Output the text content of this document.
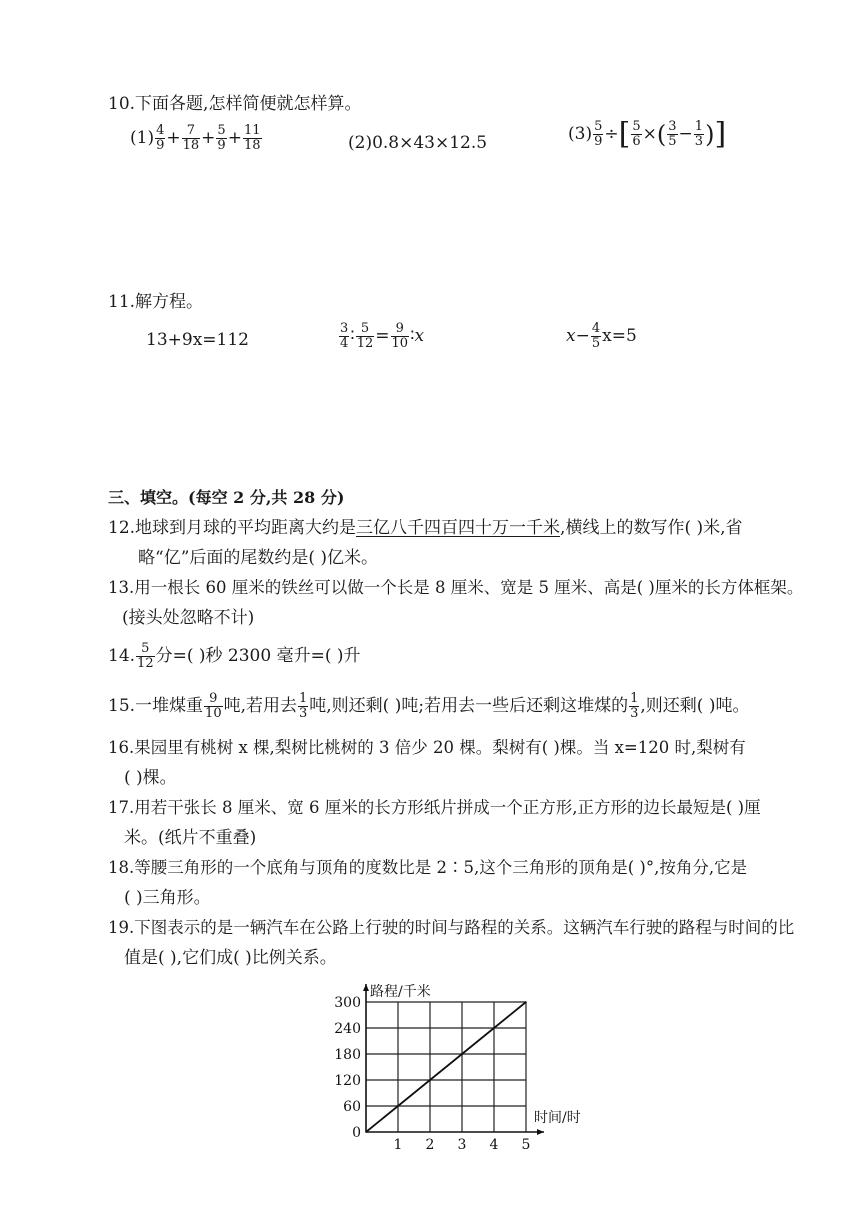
10.下面各题,怎样简便就怎样算。
$(1) \frac{4}{9} + \frac{7}{18} + \frac{5}{9} + \frac{11}{18}$	(2)0.8×43×12.5	$(3) \frac{5}{9}$ ÷[ $\frac{5}{6}$ ×( $\frac{3}{5} - \frac{1}{3}$ )]
11.解方程。
13+9x=112	$\frac{3}{4}$ ∶ $\frac{5}{12} = \frac{9}{10}$ ∶x	$x- \frac{4}{5} x=5$
三、填空。(每空 2 分,共 28 分)
12.地球到月球的平均距离大约是三亿八千四百四十万一千米,横线上的数写作( )米,省
略“亿”后面的尾数约是( )亿米。
13.用一根长 60 厘米的铁丝可以做一个长是 8 厘米、宽是 5 厘米、高是( )厘米的长方体框架。
(接头处忽略不计)
14. $\frac{5}{12}$ 分=( )秒 2300 毫升=( )升
15.一堆煤重 $\frac{9}{10}$ 吨,若用去 $\frac{1}{3}$ 吨,则还剩( )吨;若用去一些后还剩这堆煤的 $\frac{1}{3}$ ,则还剩( )吨。
16.果园里有桃树 x 棵,梨树比桃树的 3 倍少 20 棵。梨树有( )棵。当 x=120 时,梨树有
( )棵。
17.用若干张长 8 厘米、宽 6 厘米的长方形纸片拼成一个正方形,正方形的边长最短是( )厘
米。(纸片不重叠)
18.等腰三角形的一个底角与顶角的度数比是 2∶5,这个三角形的顶角是( )°,按角分,它是
( )三角形。
19.下图表示的是一辆汽车在公路上行驶的时间与路程的关系。这辆汽车行驶的路程与时间的比
值是( ),它们成( )比例关系。
1 2 3 4 5
0
60
120
180
240
300
路程/千米
时间/时
